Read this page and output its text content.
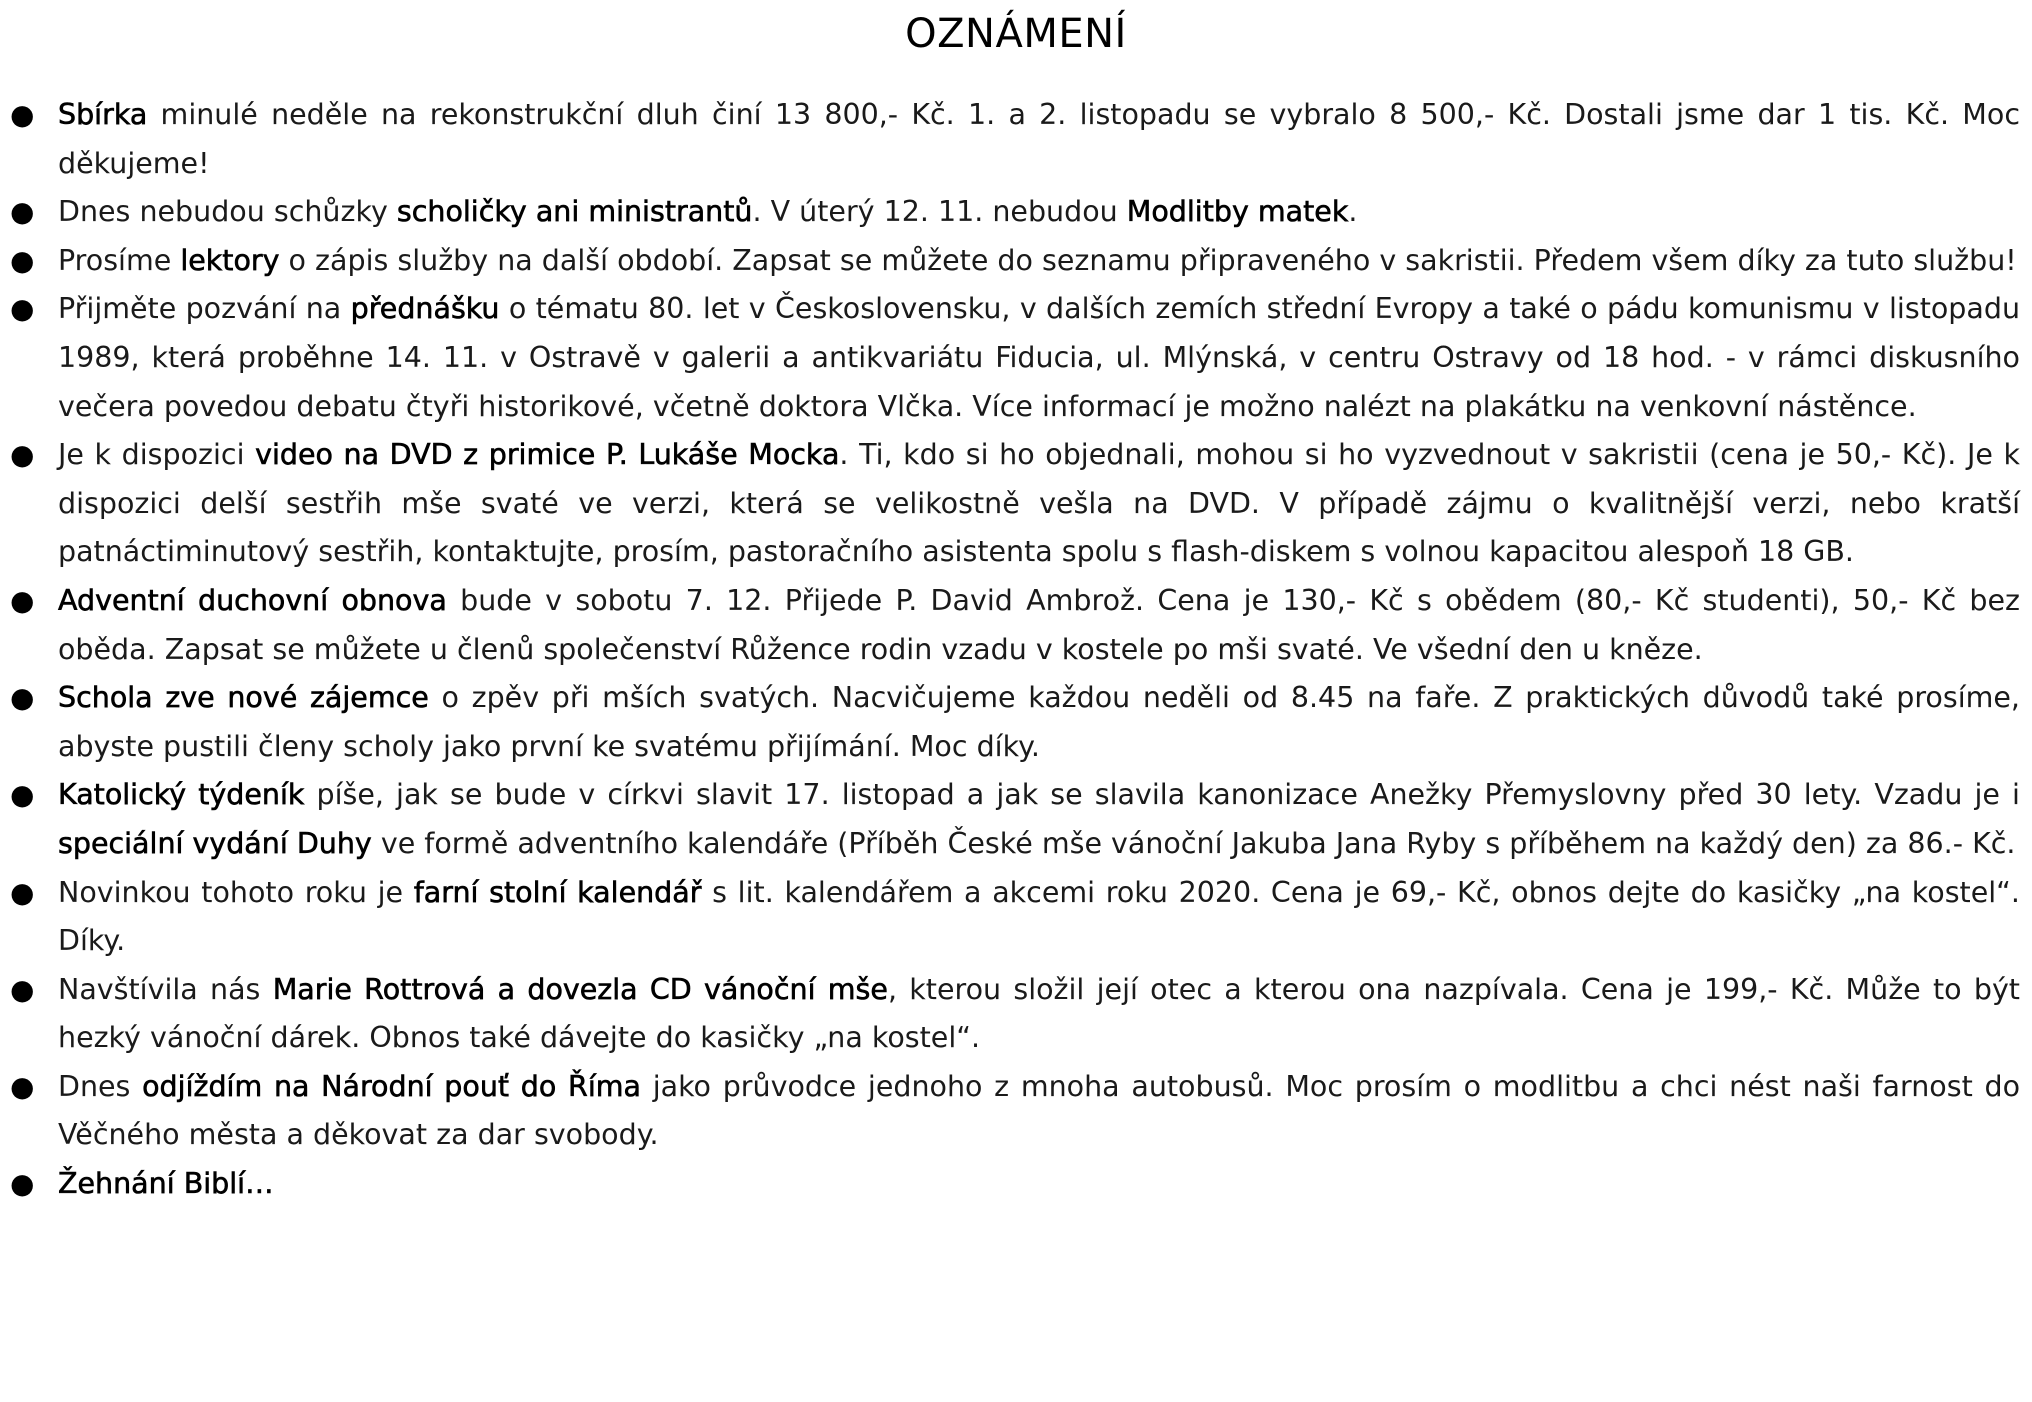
OZNÁMENÍ
● Sbírka minulé neděle na rekonstrukční dluh činí 13 800,- Kč. 1. a 2. listopadu se vybralo 8 500,- Kč. Dostali jsme dar 1 tis. Kč. Moc děkujeme!
● Dnes nebudou schůzky scholičky ani ministrantů. V úterý 12. 11. nebudou Modlitby matek.
● Prosíme lektory o zápis služby na další období. Zapsat se můžete do seznamu připraveného v sakristii. Předem všem díky za tuto službu!
● Přijměte pozvání na přednášku o tématu 80. let v Československu, v dalších zemích střední Evropy a také o pádu komunismu v listopadu 1989, která proběhne 14. 11. v Ostravě v galerii a antikvariátu Fiducia, ul. Mlýnská, v centru Ostravy od 18 hod. - v rámci diskusního večera povedou debatu čtyři historikové, včetně doktora Vlčka. Více informací je možno nalézt na plakátku na venkovní nástěnce.
● Je k dispozici video na DVD z primice P. Lukáše Mocka. Ti, kdo si ho objednali, mohou si ho vyzvednout v sakristii (cena je 50,- Kč). Je k dispozici delší sestřih mše svaté ve verzi, která se velikostně vešla na DVD. V případě zájmu o kvalitnější verzi, nebo kratší patnáctiminutový sestřih, kontaktujte, prosím, pastoračního asistenta spolu s flash-diskem s volnou kapacitou alespoň 18 GB.
● Adventní duchovní obnova bude v sobotu 7. 12. Přijede P. David Ambrož. Cena je 130,- Kč s obědem (80,- Kč studenti), 50,- Kč bez oběda. Zapsat se můžete u členů společenství Růžence rodin vzadu v kostele po mši svaté. Ve všední den u kněze.
● Schola zve nové zájemce o zpěv při mších svatých. Nacvičujeme každou neděli od 8.45 na faře. Z praktických důvodů také prosíme, abyste pustili členy scholy jako první ke svatému přijímání. Moc díky.
● Katolický týdeník píše, jak se bude v církvi slavit 17. listopad a jak se slavila kanonizace Anežky Přemyslovny před 30 lety. Vzadu je i speciální vydání Duhy ve formě adventního kalendáře (Příběh České mše vánoční Jakuba Jana Ryby s příběhem na každý den) za 86.- Kč.
● Novinkou tohoto roku je farní stolní kalendář s lit. kalendářem a akcemi roku 2020. Cena je 69,- Kč, obnos dejte do kasičky „na kostel“. Díky.
● Navštívila nás Marie Rottrová a dovezla CD vánoční mše, kterou složil její otec a kterou ona nazpívala. Cena je 199,- Kč. Může to být hezký vánoční dárek. Obnos také dávejte do kasičky „na kostel“.
● Dnes odjíždím na Národní pouť do Říma jako průvodce jednoho z mnoha autobusů. Moc prosím o modlitbu a chci nést naši farnost do Věčného města a děkovat za dar svobody.
● Žehnání Biblí…
